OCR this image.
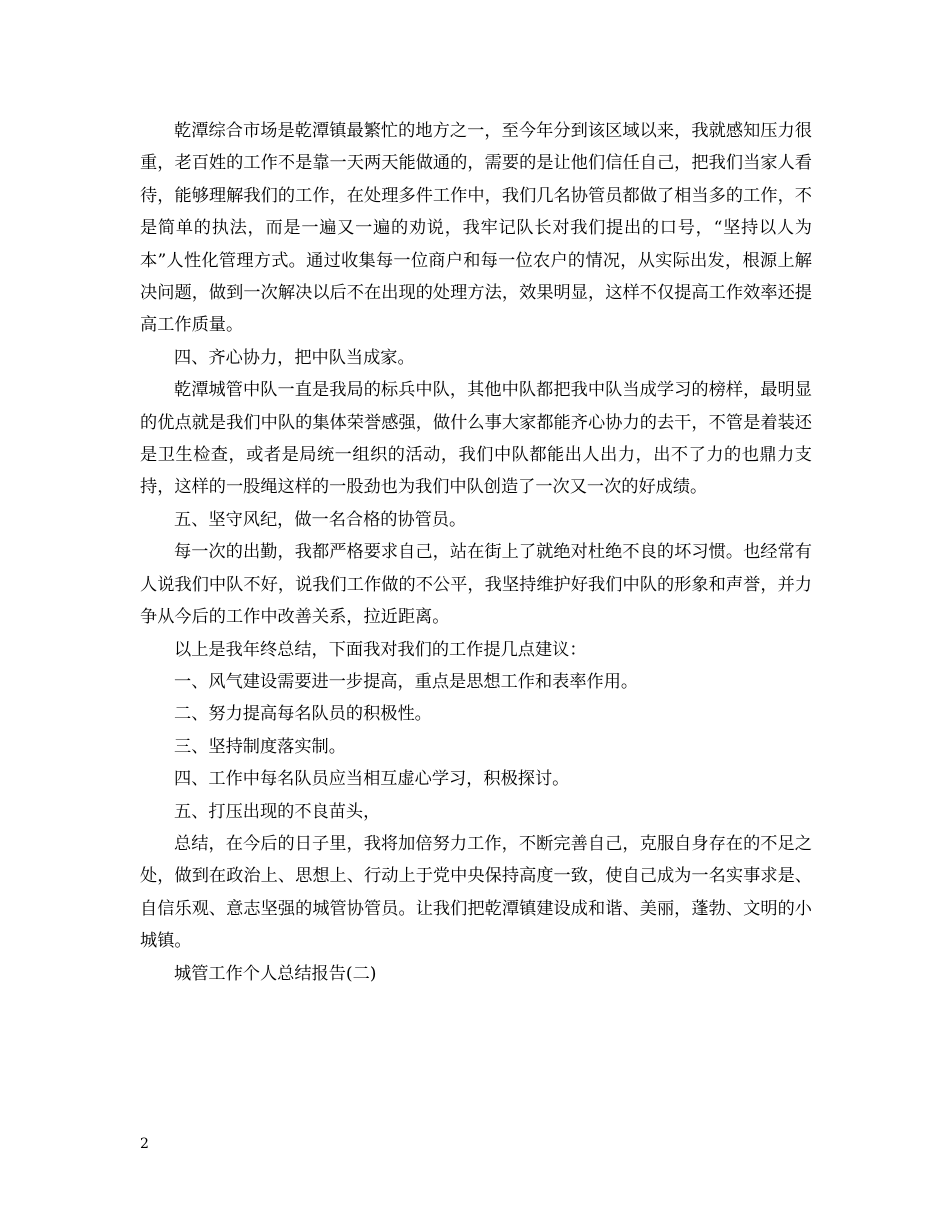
乾潭综合市场是乾潭镇最繁忙的地方之一，至今年分到该区域以来，我就感知压力很重，老百姓的工作不是靠一天两天能做通的，需要的是让他们信任自己，把我们当家人看待，能够理解我们的工作，在处理多件工作中，我们几名协管员都做了相当多的工作，不是简单的执法，而是一遍又一遍的劝说，我牢记队长对我们提出的口号，“坚持以人为本”人性化管理方式。通过收集每一位商户和每一位农户的情况，从实际出发，根源上解决问题，做到一次解决以后不在出现的处理方法，效果明显，这样不仅提高工作效率还提高工作质量。

四、齐心协力，把中队当成家。

乾潭城管中队一直是我局的标兵中队，其他中队都把我中队当成学习的榜样，最明显的优点就是我们中队的集体荣誉感强，做什么事大家都能齐心协力的去干，不管是着装还是卫生检查，或者是局统一组织的活动，我们中队都能出人出力，出不了力的也鼎力支持，这样的一股绳这样的一股劲也为我们中队创造了一次又一次的好成绩。

五、坚守风纪，做一名合格的协管员。

每一次的出勤，我都严格要求自己，站在街上了就绝对杜绝不良的坏习惯。也经常有人说我们中队不好，说我们工作做的不公平，我坚持维护好我们中队的形象和声誉，并力争从今后的工作中改善关系，拉近距离。

以上是我年终总结，下面我对我们的工作提几点建议：

一、风气建设需要进一步提高，重点是思想工作和表率作用。

二、努力提高每名队员的积极性。

三、坚持制度落实制。

四、工作中每名队员应当相互虚心学习，积极探讨。

五、打压出现的不良苗头，

总结，在今后的日子里，我将加倍努力工作，不断完善自己，克服自身存在的不足之处，做到在政治上、思想上、行动上于党中央保持高度一致，使自己成为一名实事求是、自信乐观、意志坚强的城管协管员。让我们把乾潭镇建设成和谐、美丽，蓬勃、文明的小城镇。

城管工作个人总结报告(二)

2
